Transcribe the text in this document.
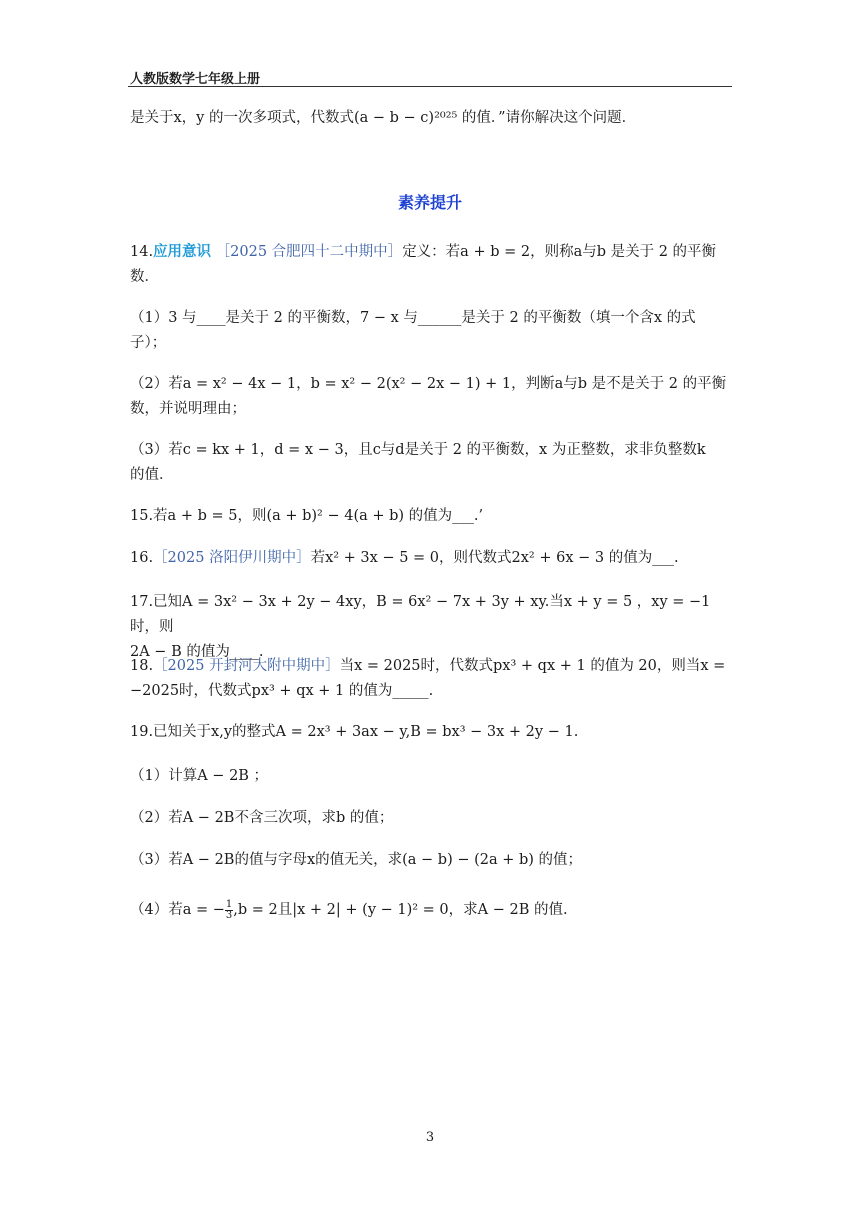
人教版数学七年级上册
是关于x，y 的一次多项式，代数式(a − b − c)²⁰²⁵ 的值．”请你解决这个问题．
素养提升
14.应用意识 ［2025 合肥四十二中期中］定义：若a + b = 2，则称a与b 是关于 2 的平衡
数．
（1）3 与____是关于 2 的平衡数，7 − x 与______是关于 2 的平衡数（填一个含x 的式
子）；
（2）若a = x² − 4x − 1，b = x² − 2(x² − 2x − 1) + 1，判断a与b 是不是关于 2 的平衡
数，并说明理由；
（3）若c = kx + 1，d = x − 3，且c与d是关于 2 的平衡数，x 为正整数，求非负整数k
的值．
15.若a + b = 5，则(a + b)² − 4(a + b) 的值为___.’
16.［2025 洛阳伊川期中］若x² + 3x − 5 = 0，则代数式2x² + 6x − 3 的值为___.
17.已知A = 3x² − 3x + 2y − 4xy，B = 6x² − 7x + 3y + xy.当x + y = 5 ，xy = −1时，则
2A − B 的值为____.
18.［2025 开封河大附中期中］当x = 2025时，代数式px³ + qx + 1 的值为 20，则当x =
−2025时，代数式px³ + qx + 1 的值为_____.
19.已知关于x,y的整式A = 2x³ + 3ax − y,B = bx³ − 3x + 2y − 1.
（1）计算A − 2B ；
（2）若A − 2B不含三次项，求b 的值；
（3）若A − 2B的值与字母x的值无关，求(a − b) − (2a + b) 的值；
（4）若a = − $\frac{1}{3} ,b = 2$且|x + 2| + (y − 1)² = 0，求A − 2B 的值.
3
